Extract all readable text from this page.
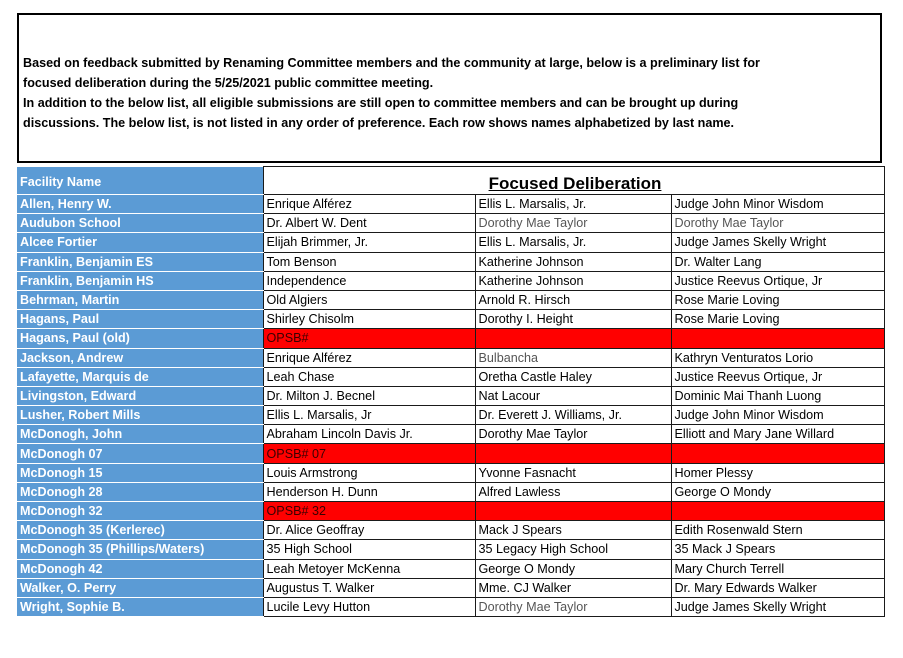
Based on feedback submitted by Renaming Committee members and the community at large, below is a preliminary list for

focused deliberation during the 5/25/2021 public committee meeting.

In addition to the below list, all eligible submissions are still open to committee members and can be brought up during

discussions. The below list, is not listed in any order of preference. Each row shows names alphabetized by last name.

Facility Name	Focused Deliberation		
Allen, Henry W.	Enrique Alférez	Ellis L. Marsalis, Jr.	Judge John Minor Wisdom
Audubon School	Dr. Albert W. Dent	Dorothy Mae Taylor	Dorothy Mae Taylor
Alcee Fortier	Elijah Brimmer, Jr.	Ellis L. Marsalis, Jr.	Judge James Skelly Wright
Franklin, Benjamin ES	Tom Benson	Katherine Johnson	Dr. Walter Lang
Franklin, Benjamin HS	Independence	Katherine Johnson	Justice Reevus Ortique, Jr
Behrman, Martin	Old Algiers	Arnold R. Hirsch	Rose Marie Loving
Hagans, Paul	Shirley Chisolm	Dorothy I. Height	Rose Marie Loving
Hagans, Paul (old)	OPSB#		
Jackson, Andrew	Enrique Alférez	Bulbancha	Kathryn Venturatos Lorio
Lafayette, Marquis de	Leah Chase	Oretha Castle Haley	Justice Reevus Ortique, Jr
Livingston, Edward	Dr. Milton J. Becnel	Nat Lacour	Dominic Mai Thanh Luong
Lusher, Robert Mills	Ellis L. Marsalis, Jr	Dr. Everett J. Williams, Jr.	Judge John Minor Wisdom
McDonogh, John	Abraham Lincoln Davis Jr.	Dorothy Mae Taylor	Elliott and Mary Jane Willard
McDonogh 07	OPSB# 07		
McDonogh 15	Louis Armstrong	Yvonne Fasnacht	Homer Plessy
McDonogh 28	Henderson H. Dunn	Alfred Lawless	George O Mondy
McDonogh 32	OPSB# 32		
McDonogh 35 (Kerlerec)	Dr. Alice Geoffray	Mack J Spears	Edith Rosenwald Stern
McDonogh 35 (Phillips/Waters)	35 High School	35 Legacy High School	35 Mack J Spears
McDonogh 42	Leah Metoyer McKenna	George O Mondy	Mary Church Terrell
Walker, O. Perry	Augustus T. Walker	Mme. CJ Walker	Dr. Mary Edwards Walker
Wright, Sophie B.	Lucile Levy Hutton	Dorothy Mae Taylor	Judge James Skelly Wright
